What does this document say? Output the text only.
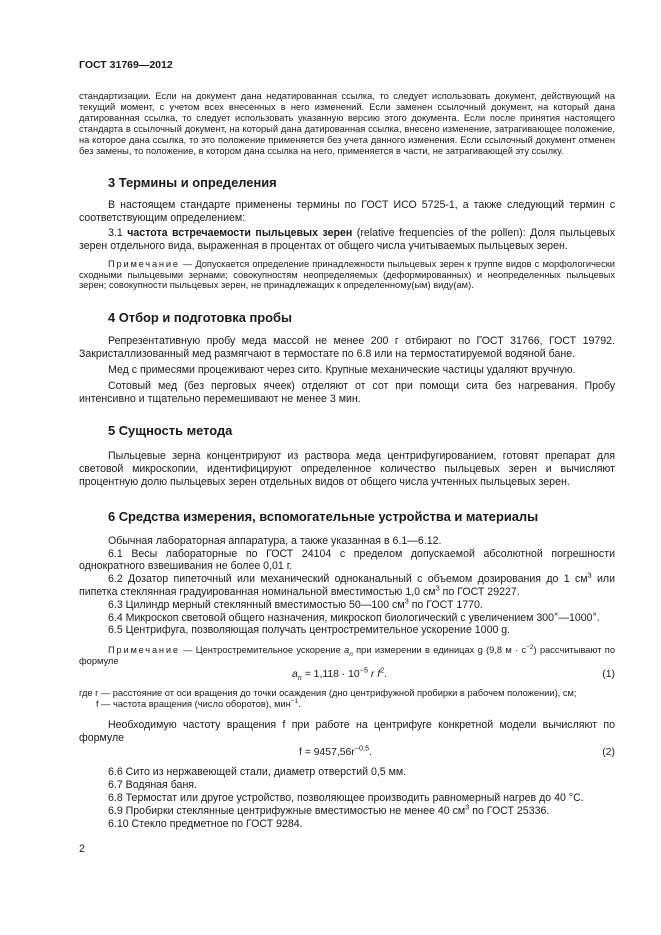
ГОСТ 31769—2012

стандартизации. Если на документ дана недатированная ссылка, то следует использовать документ, действующий на текущий момент, с учетом всех внесенных в него изменений. Если заменен ссылочный документ, на который дана датированная ссылка, то следует использовать указанную версию этого документа. Если после принятия настоящего стандарта в ссылочный документ, на который дана датированная ссылка, внесено изменение, затрагивающее положение, на которое дана ссылка, то это положение применяется без учета данного изменения. Если ссылочный документ отменен без замены, то положение, в котором дана ссылка на него, применяется в части, не затрагивающей эту ссылку.

3 Термины и определения

В настоящем стандарте применены термины по ГОСТ ИСО 5725-1, а также следующий термин с соответствующим определением:

3.1 частота встречаемости пыльцевых зерен (relative frequencies of the pollen): Доля пыльцевых зерен отдельного вида, выраженная в процентах от общего числа учитываемых пыльцевых зерен.

Примечание — Допускается определение принадлежности пыльцевых зерен к группе видов с морфологически сходными пыльцевыми зернами; совокупностям неопределяемых (деформированных) и неопределенных пыльцевых зерен; совокупности пыльцевых зерен, не принадлежащих к определенному(ым) виду(ам).

4 Отбор и подготовка пробы

Репрезентативную пробу меда массой не менее 200 г отбирают по ГОСТ 31766, ГОСТ 19792. Закристаллизованный мед размягчают в термостате по 6.8 или на термостатируемой водяной бане.

Мед с примесями процеживают через сито. Крупные механические частицы удаляют вручную.

Сотовый мед (без перговых ячеек) отделяют от сот при помощи сита без нагревания. Пробу интенсивно и тщательно перемешивают не менее 3 мин.

5 Сущность метода

Пыльцевые зерна концентрируют из раствора меда центрифугированием, готовят препарат для световой микроскопии, идентифицируют определенное количество пыльцевых зерен и вычисляют процентную долю пыльцевых зерен отдельных видов от общего числа учтенных пыльцевых зерен.

6 Средства измерения, вспомогательные устройства и материалы

Обычная лабораторная аппаратура, а также указанная в 6.1—6.12.

6.1 Весы лабораторные по ГОСТ 24104 с пределом допускаемой абсолютной погрешности однократного взвешивания не более 0,01 г.

6.2 Дозатор пипеточный или механический одноканальный с объемом дозирования до 1 $см^3$ или пипетка стеклянная градуированная номинальной вместимостью 1,0 $см^3$ по ГОСТ 29227.

6.3 Цилиндр мерный стеклянный вместимостью 50—100 $см^3$ по ГОСТ 1770.

6.4 Микроскоп световой общего назначения, микроскоп биологический с увеличением 300×—1000×.

6.5 Центрифуга, позволяющая получать центростремительное ускорение 1000 g.

Примечание — Центростремительное ускорение $a_n$ при измерении в единицах g (9,8 $м \cdot с^{-2}$) рассчитывают по формуле

$a_n = 1,118 \cdot 10^{-5}$ r $f^2$.	(1)

где r — расстояние от оси вращения до точки осаждения (дно центрифужной пробирки в рабочем положении), см;

f — частота вращения (число оборотов), мин$^{-1}$.

Необходимую частоту вращения f при работе на центрифуге конкретной модели вычисляют по формуле

$f = 9457,56r^{-0,5}$.	(2)

6.6 Сито из нержавеющей стали, диаметр отверстий 0,5 мм.

6.7 Водяная баня.

6.8 Термостат или другое устройство, позволяющее производить равномерный нагрев до 40 °С.

6.9 Пробирки стеклянные центрифужные вместимостью не менее 40 $см^3$ по ГОСТ 25336.

6.10 Стекло предметное по ГОСТ 9284.

2
